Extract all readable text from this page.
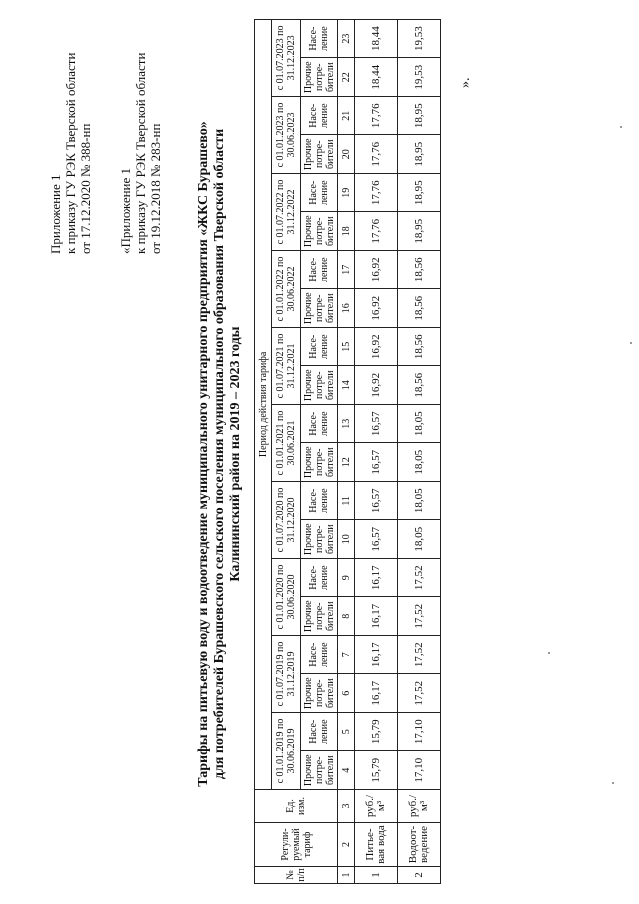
Приложение 1 к приказу ГУ РЭК Тверской области от 17.12.2020 № 388-нп «Приложение 1 к приказу ГУ РЭК Тверской области от 19.12.2018 № 283-нп Тарифы на питьевую воду и водоотведение муниципального унитарного предприятия «ЖКС Бурашево» для потребителей Бурашевского сельского поселения муниципального образования Тверской области Калининский район на 2019 – 2023 годы
№ п/п	Регули-руемый тариф	Ед. изм.	Период действия тарифа																			
			с 01.01.2019 по 30.06.2019		с 01.07.2019 по 31.12.2019		с 01.01.2020 по 30.06.2020		с 01.07.2020 по 31.12.2020		с 01.01.2021 по 30.06.2021		с 01.07.2021 по 31.12.2021		с 01.01.2022 по 30.06.2022		с 01.07.2022 по 31.12.2022		с 01.01.2023 по 30.06.2023		с 01.07.2023 по 31.12.2023	
			Прочие потре-бители	Насе-ление	Прочие потре-бители	Насе-ление	Прочие потре-бители	Насе-ление	Прочие потре-бители	Насе-ление	Прочие потре-бители	Насе-ление	Прочие потре-бители	Насе-ление	Прочие потре-бители	Насе-ление	Прочие потре-бители	Насе-ление	Прочие потре-бители	Насе-ление	Прочие потре-бители	Насе-ление
1	2	3	4	5	6	7	8	9	10	11	12	13	14	15	16	17	18	19	20	21	22	23
1	Питье-вая вода	руб./м³	15,79	15,79	16,17	16,17	16,17	16,17	16,57	16,57	16,57	16,57	16,92	16,92	16,92	16,92	17,76	17,76	17,76	17,76	18,44	18,44
2	Водоот-ведение	руб./м³	17,10	17,10	17,52	17,52	17,52	17,52	18,05	18,05	18,05	18,05	18,56	18,56	18,56	18,56	18,95	18,95	18,95	18,95	19,53	19,53
».
